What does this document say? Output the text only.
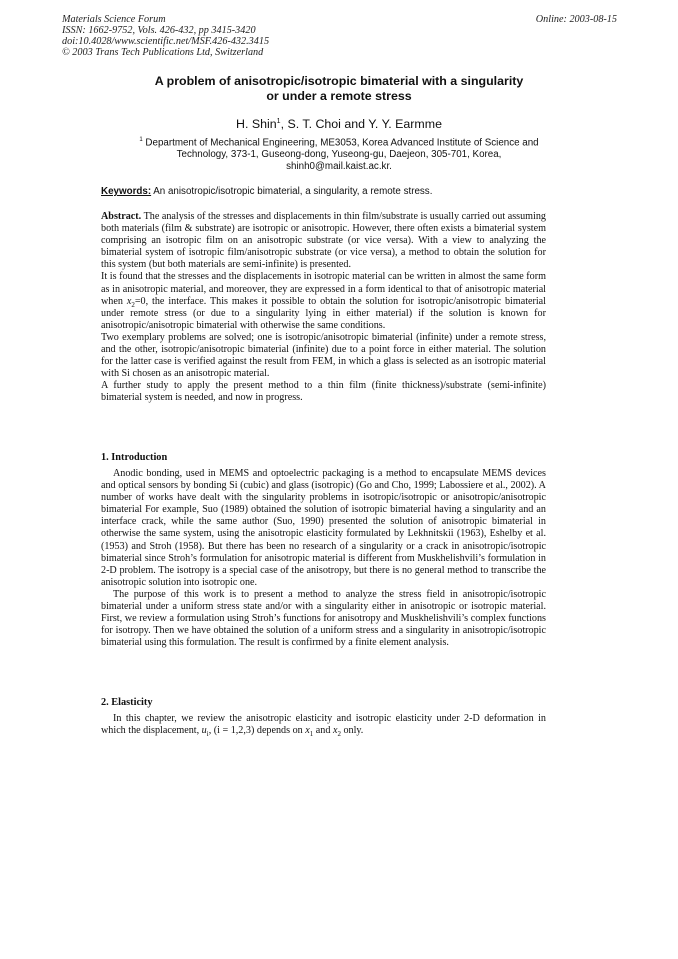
Materials Science Forum
ISSN: 1662-9752, Vols. 426-432, pp 3415-3420
doi:10.4028/www.scientific.net/MSF.426-432.3415
© 2003 Trans Tech Publications Ltd, Switzerland
Online: 2003-08-15
A problem of anisotropic/isotropic bimaterial with a singularity
or under a remote stress
H. Shin$^1$, S. T. Choi and Y. Y. Earmme
$^1$ Department of Mechanical Engineering, ME3053, Korea Advanced Institute of Science and
Technology, 373-1, Guseong-dong, Yuseong-gu, Daejeon, 305-701, Korea,
shinh0@mail.kaist.ac.kr.
Keywords: An anisotropic/isotropic bimaterial, a singularity, a remote stress.

Abstract. The analysis of the stresses and displacements in thin film/substrate is usually carried out assuming both materials (film & substrate) are isotropic or anisotropic. However, there often exists a bimaterial system comprising an isotropic film on an anisotropic substrate (or vice versa). With a view to analyzing the bimaterial system of isotropic film/anisotropic substrate (or vice versa), a method to obtain the solution for this system (but both materials are semi-infinite) is presented.

It is found that the stresses and the displacements in isotropic material can be written in almost the same form as in anisotropic material, and moreover, they are expressed in a form identical to that of anisotropic material when $x_2=0$, the interface. This makes it possible to obtain the solution for isotropic/anisotropic bimaterial under remote stress (or due to a singularity lying in either material) if the solution is known for anisotropic/anisotropic bimaterial with otherwise the same conditions.

Two exemplary problems are solved; one is isotropic/anisotropic bimaterial (infinite) under a remote stress, and the other, isotropic/anisotropic bimaterial (infinite) due to a point force in either material. The solution for the latter case is verified against the result from FEM, in which a glass is selected as an isotropic material with Si chosen as an anisotropic material.

A further study to apply the present method to a thin film (finite thickness)/substrate (semi-infinite) bimaterial system is needed, and now in progress.

1. Introduction

Anodic bonding, used in MEMS and optoelectric packaging is a method to encapsulate MEMS devices and optical sensors by bonding Si (cubic) and glass (isotropic) (Go and Cho, 1999; Labossiere et al., 2002). A number of works have dealt with the singularity problems in isotropic/isotropic or anisotropic/anisotropic bimaterial For example, Suo (1989) obtained the solution of isotropic bimaterial having a singularity and an interface crack, while the same author (Suo, 1990) presented the solution of anisotropic bimaterial in otherwise the same system, using the anisotropic elasticity formulated by Lekhnitskii (1963), Eshelby et al. (1953) and Stroh (1958). But there has been no research of a singularity or a crack in anisotropic/isotropic bimaterial since Stroh’s formulation for anisotropic material is different from Muskhelishvili’s formulation in 2-D problem. The isotropy is a special case of the anisotropy, but there is no general method to transcribe the anisotropic solution into isotropic one.

The purpose of this work is to present a method to analyze the stress field in anisotropic/isotropic bimaterial under a uniform stress state and/or with a singularity either in anisotropic or isotropic material. First, we review a formulation using Stroh’s functions for anisotropy and Muskhelishvili’s complex functions for isotropy. Then we have obtained the solution of a uniform stress and a singularity in anisotropic/isotropic bimaterial using this formulation. The result is confirmed by a finite element analysis.

2. Elasticity

In this chapter, we review the anisotropic elasticity and isotropic elasticity under 2-D deformation in which the displacement, $u_i$, (i = 1,2,3) depends on $x_1$ and $x_2$ only.
